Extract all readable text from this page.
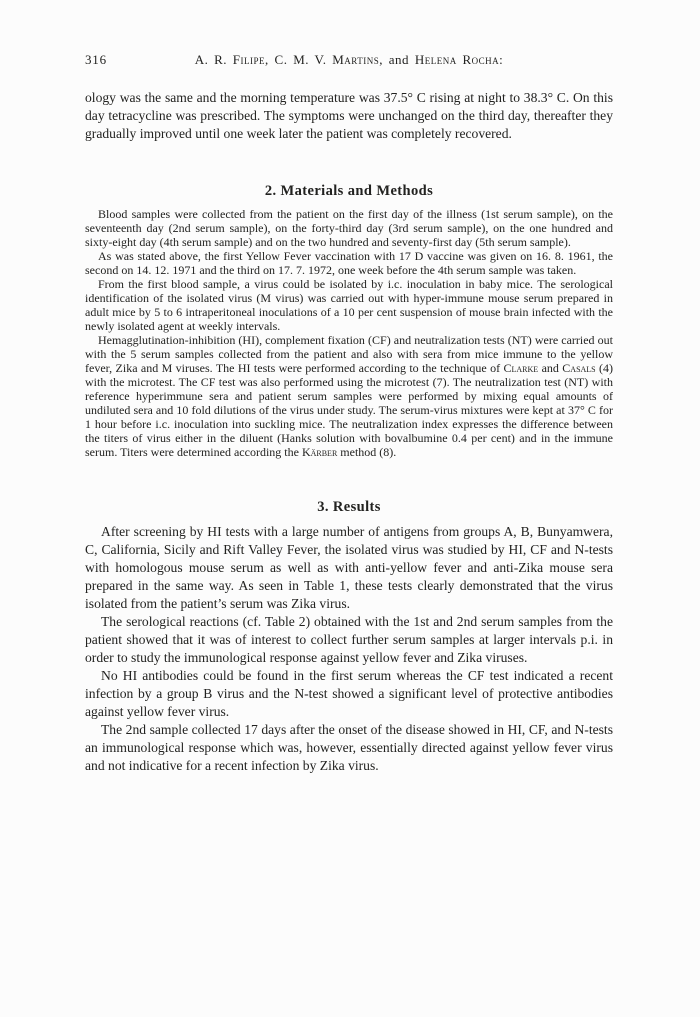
316	A. R. Filipe, C. M. V. Martins, and Helena Rocha:

ology was the same and the morning temperature was 37.5° C rising at night to 38.3° C. On this day tetracycline was prescribed. The symptoms were unchanged on the third day, thereafter they gradually improved until one week later the patient was completely recovered.

2. Materials and Methods

Blood samples were collected from the patient on the first day of the illness (1st serum sample), on the seventeenth day (2nd serum sample), on the forty-third day (3rd serum sample), on the one hundred and sixty-eight day (4th serum sample) and on the two hundred and seventy-first day (5th serum sample).

As was stated above, the first Yellow Fever vaccination with 17 D vaccine was given on 16. 8. 1961, the second on 14. 12. 1971 and the third on 17. 7. 1972, one week before the 4th serum sample was taken.

From the first blood sample, a virus could be isolated by i.c. inoculation in baby mice. The serological identification of the isolated virus (M virus) was carried out with hyper-immune mouse serum prepared in adult mice by 5 to 6 intraperitoneal inoculations of a 10 per cent suspension of mouse brain infected with the newly isolated agent at weekly intervals.

Hemagglutination-inhibition (HI), complement fixation (CF) and neutralization tests (NT) were carried out with the 5 serum samples collected from the patient and also with sera from mice immune to the yellow fever, Zika and M viruses. The HI tests were performed according to the technique of Clarke and Casals (4) with the microtest. The CF test was also performed using the microtest (7). The neutralization test (NT) with reference hyperimmune sera and patient serum samples were performed by mixing equal amounts of undiluted sera and 10 fold dilutions of the virus under study. The serum-virus mixtures were kept at 37° C for 1 hour before i.c. inoculation into suckling mice. The neutralization index expresses the difference between the titers of virus either in the diluent (Hanks solution with bovalbumine 0.4 per cent) and in the immune serum. Titers were determined according the Kärber method (8).

3. Results

After screening by HI tests with a large number of antigens from groups A, B, Bunyamwera, C, California, Sicily and Rift Valley Fever, the isolated virus was studied by HI, CF and N-tests with homologous mouse serum as well as with anti-yellow fever and anti-Zika mouse sera prepared in the same way. As seen in Table 1, these tests clearly demonstrated that the virus isolated from the patient’s serum was Zika virus.

The serological reactions (cf. Table 2) obtained with the 1st and 2nd serum samples from the patient showed that it was of interest to collect further serum samples at larger intervals p.i. in order to study the immunological response against yellow fever and Zika viruses.

No HI antibodies could be found in the first serum whereas the CF test indicated a recent infection by a group B virus and the N-test showed a significant level of protective antibodies against yellow fever virus.

The 2nd sample collected 17 days after the onset of the disease showed in HI, CF, and N-tests an immunological response which was, however, essentially directed against yellow fever virus and not indicative for a recent infection by Zika virus.
